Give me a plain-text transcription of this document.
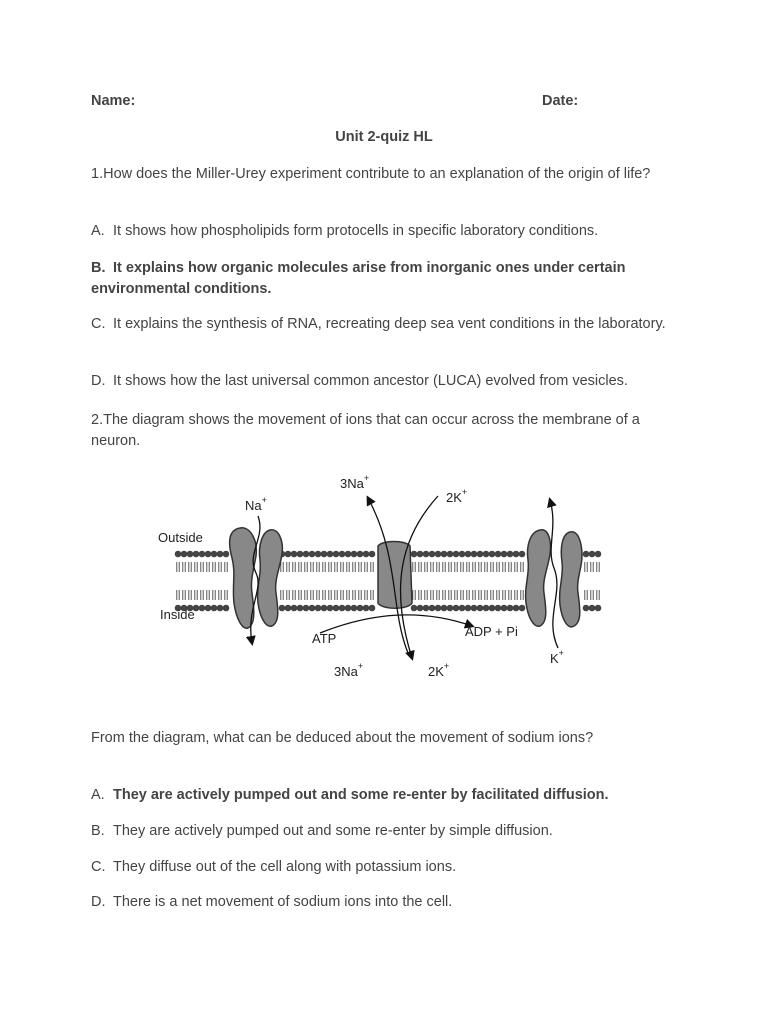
Name:	Date:
Unit 2-quiz HL
1.How does the Miller-Urey experiment contribute to an explanation of the origin of life?
A. It shows how phospholipids form protocells in specific laboratory conditions.
B. It explains how organic molecules arise from inorganic ones under certain environmental conditions.
C. It explains the synthesis of RNA, recreating deep sea vent conditions in the laboratory.
D. It shows how the last universal common ancestor (LUCA) evolved from vesicles.
2.The diagram shows the movement of ions that can occur across the membrane of a neuron.
Outside
Inside
Na+
3Na+
2K+
ATP	ADP + Pi
3Na+	2K+	K+
From the diagram, what can be deduced about the movement of sodium ions?
A. They are actively pumped out and some re-enter by facilitated diffusion.
B. They are actively pumped out and some re-enter by simple diffusion.
C. They diffuse out of the cell along with potassium ions.
D. There is a net movement of sodium ions into the cell.
